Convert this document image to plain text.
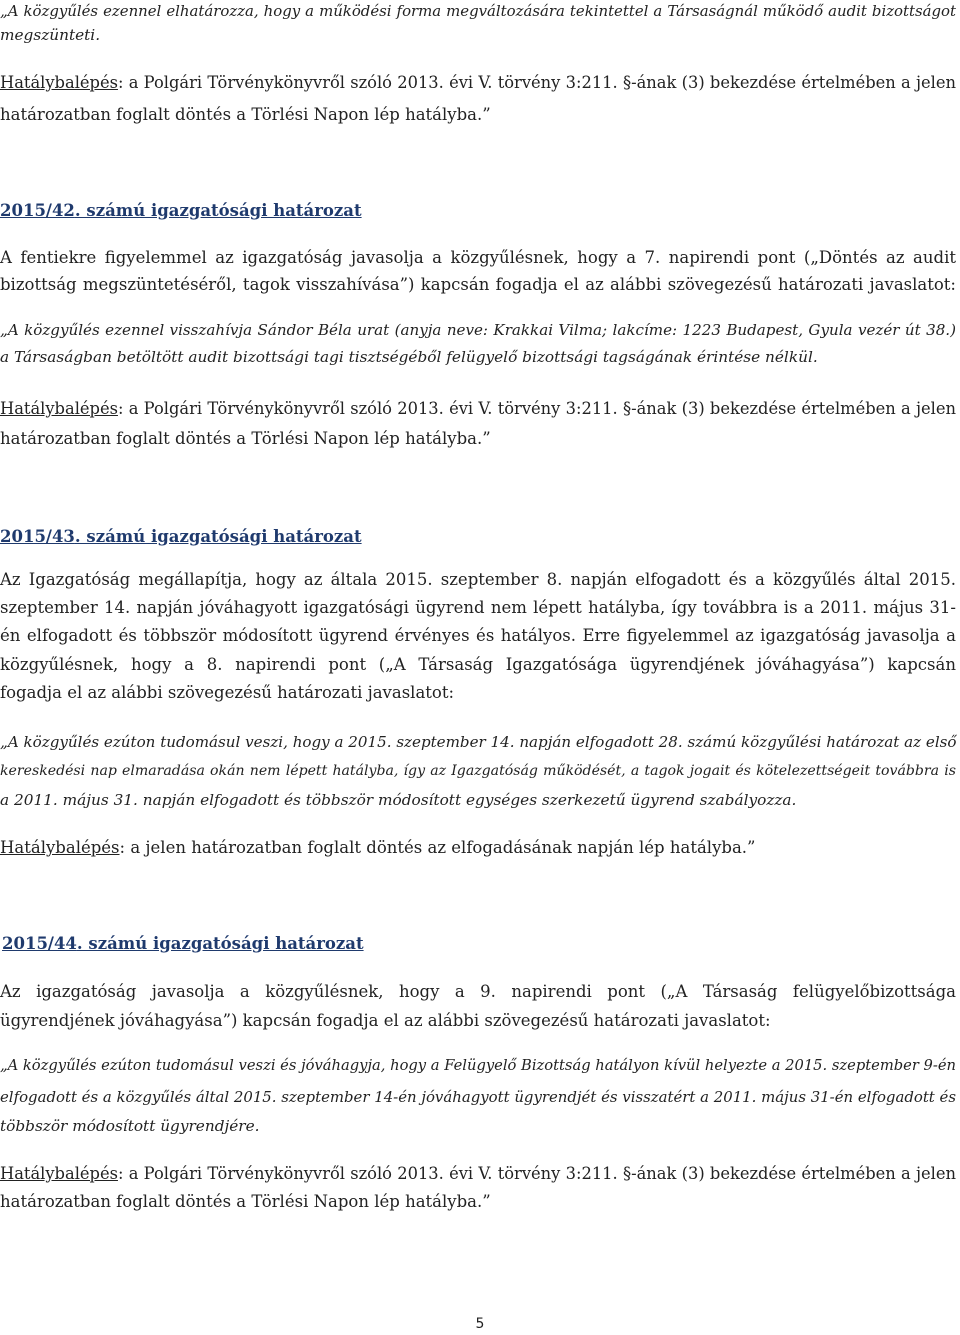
„A közgyűlés ezennel elhatározza, hogy a működési forma megváltozására tekintettel a Társaságnál működő audit bizottságot

megszünteti.

Hatálybalépés: a Polgári Törvénykönyvről szóló 2013. évi V. törvény 3:211. §-ának (3) bekezdése értelmében a jelen

határozatban foglalt döntés a Törlési Napon lép hatályba.”

2015/42. számú igazgatósági határozat

A fentiekre figyelemmel az igazgatóság javasolja a közgyűlésnek, hogy a 7. napirendi pont („Döntés az audit

bizottság megszüntetéséről, tagok visszahívása”) kapcsán fogadja el az alábbi szövegezésű határozati javaslatot:

„A közgyűlés ezennel visszahívja Sándor Béla urat (anyja neve: Krakkai Vilma; lakcíme: 1223 Budapest, Gyula vezér út 38.)

a Társaságban betöltött audit bizottsági tagi tisztségéből felügyelő bizottsági tagságának érintése nélkül.

Hatálybalépés: a Polgári Törvénykönyvről szóló 2013. évi V. törvény 3:211. §-ának (3) bekezdése értelmében a jelen

határozatban foglalt döntés a Törlési Napon lép hatályba.”

2015/43. számú igazgatósági határozat

Az Igazgatóság megállapítja, hogy az általa 2015. szeptember 8. napján elfogadott és a közgyűlés által 2015.

szeptember 14. napján jóváhagyott igazgatósági ügyrend nem lépett hatályba, így továbbra is a 2011. május 31-

én elfogadott és többször módosított ügyrend érvényes és hatályos. Erre figyelemmel az igazgatóság javasolja a

közgyűlésnek, hogy a 8. napirendi pont („A Társaság Igazgatósága ügyrendjének jóváhagyása”) kapcsán

fogadja el az alábbi szövegezésű határozati javaslatot:

„A közgyűlés ezúton tudomásul veszi, hogy a 2015. szeptember 14. napján elfogadott 28. számú közgyűlési határozat az első

kereskedési nap elmaradása okán nem lépett hatályba, így az Igazgatóság működését, a tagok jogait és kötelezettségeit továbbra is

a 2011. május 31. napján elfogadott és többször módosított egységes szerkezetű ügyrend szabályozza.

Hatálybalépés: a jelen határozatban foglalt döntés az elfogadásának napján lép hatályba.”

2015/44. számú igazgatósági határozat

Az igazgatóság javasolja a közgyűlésnek, hogy a 9. napirendi pont („A Társaság felügyelőbizottsága

ügyrendjének jóváhagyása”) kapcsán fogadja el az alábbi szövegezésű határozati javaslatot:

„A közgyűlés ezúton tudomásul veszi és jóváhagyja, hogy a Felügyelő Bizottság hatályon kívül helyezte a 2015. szeptember 9-én

elfogadott és a közgyűlés által 2015. szeptember 14-én jóváhagyott ügyrendjét és visszatért a 2011. május 31-én elfogadott és

többször módosított ügyrendjére.

Hatálybalépés: a Polgári Törvénykönyvről szóló 2013. évi V. törvény 3:211. §-ának (3) bekezdése értelmében a jelen

határozatban foglalt döntés a Törlési Napon lép hatályba.”

5
